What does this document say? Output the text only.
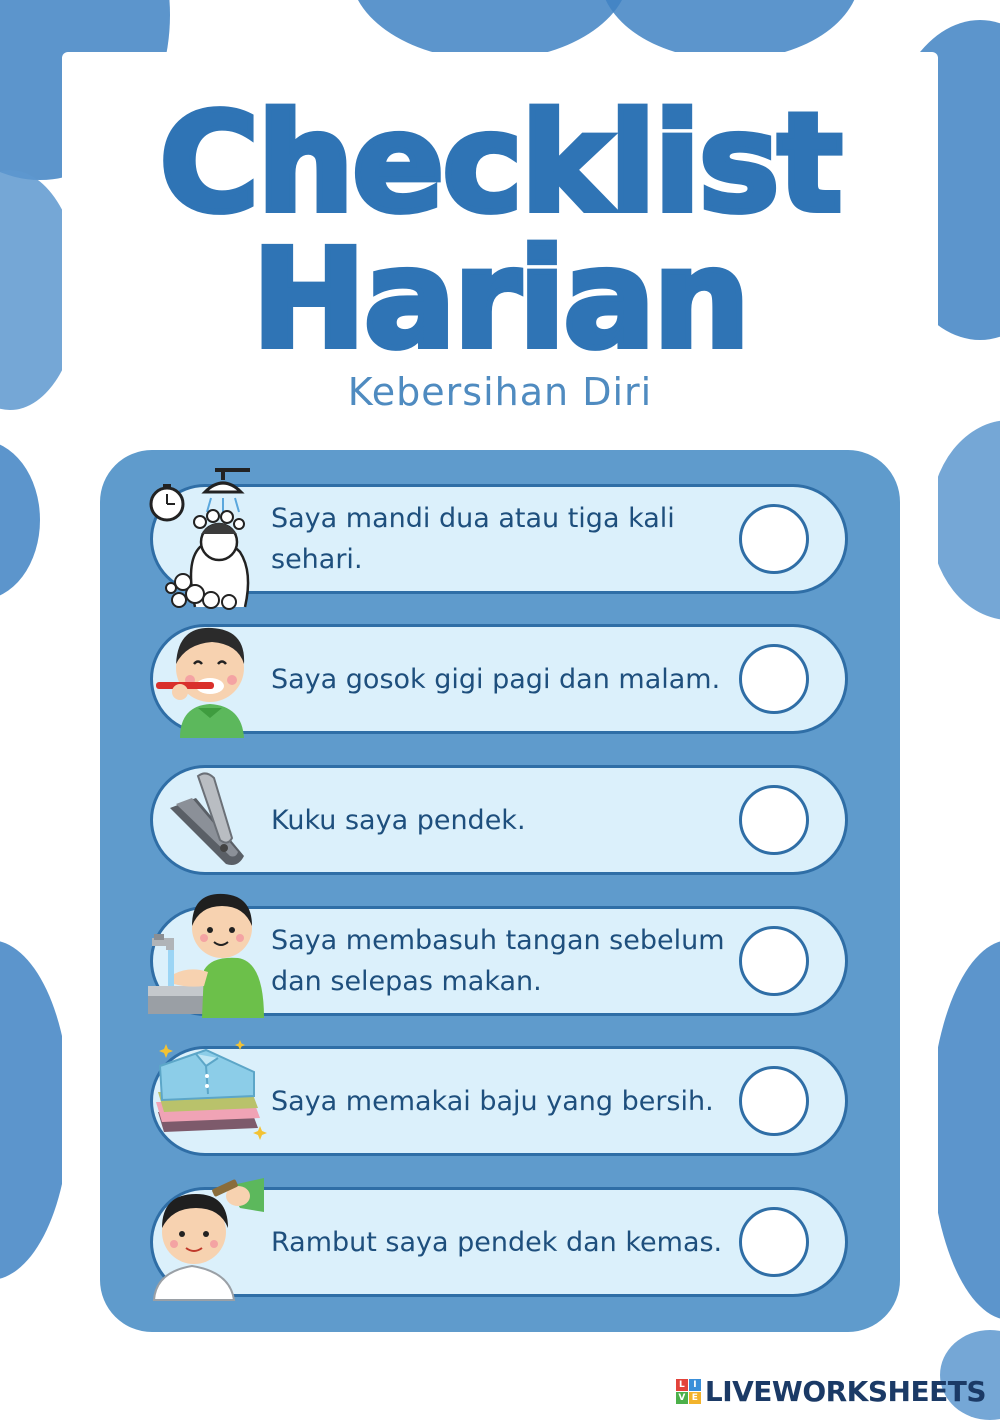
Checklist
Harian
Kebersihan Diri
Saya mandi dua atau tiga kali sehari.
Saya gosok gigi pagi dan malam.
Kuku saya pendek.
Saya membasuh tangan sebelum dan selepas makan.
Saya memakai baju yang bersih.
Rambut saya pendek dan kemas.
L I
V E LIVEWORKSHEETS
